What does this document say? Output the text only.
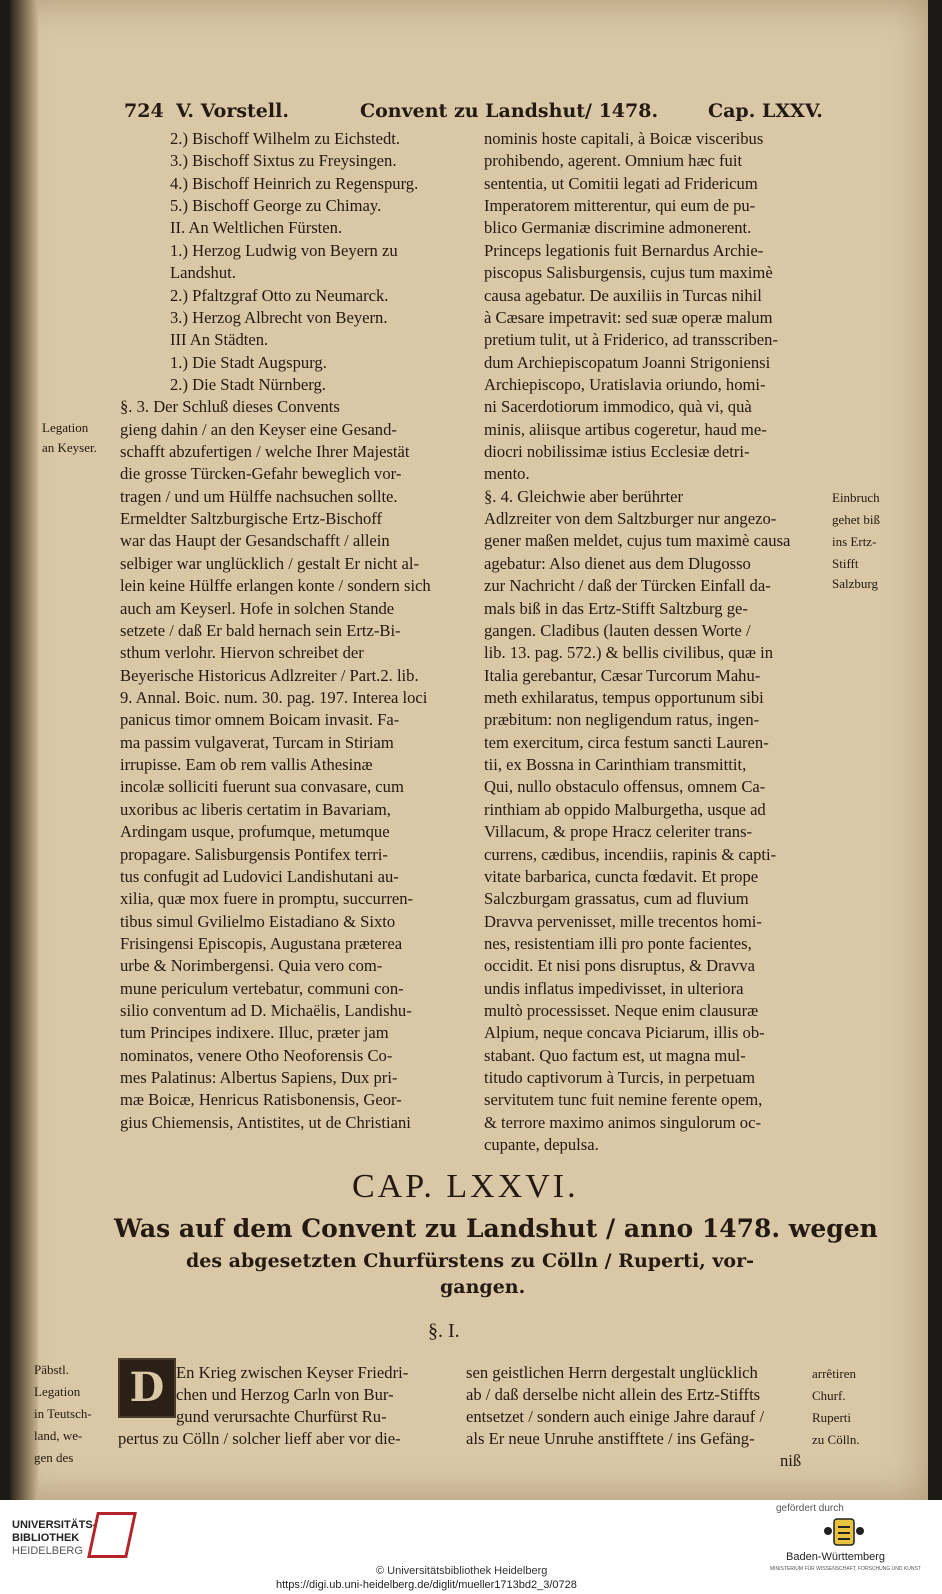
724 V. Vorstell.	Convent zu Landshut/ 1478.	Cap. LXXV.
2.) Bischoff Wilhelm zu Eichstedt.
3.) Bischoff Sixtus zu Freysingen.
4.) Bischoff Heinrich zu Regenspurg.
5.) Bischoff George zu Chimay.
II. An Weltlichen Fürsten.
1.) Herzog Ludwig von Beyern zu
Landshut.
2.) Pfaltzgraf Otto zu Neumarck.
3.) Herzog Albrecht von Beyern.
III An Städten.
1.) Die Stadt Augspurg.
2.) Die Stadt Nürnberg.
§. 3. Der Schluß dieses Convents
gieng dahin / an den Keyser eine Gesand-
schafft abzufertigen / welche Ihrer Majestät
die grosse Türcken-Gefahr beweglich vor-
tragen / und um Hülffe nachsuchen sollte.
Ermeldter Saltzburgische Ertz-Bischoff
war das Haupt der Gesandschafft / allein
selbiger war unglücklich / gestalt Er nicht al-
lein keine Hülffe erlangen konte / sondern sich
auch am Keyserl. Hofe in solchen Stande
setzete / daß Er bald hernach sein Ertz-Bi-
sthum verlohr. Hiervon schreibet der
Beyerische Historicus Adlzreiter / Part.2. lib.
9. Annal. Boic. num. 30. pag. 197. Interea loci
panicus timor omnem Boicam invasit. Fa-
ma passim vulgaverat, Turcam in Stiriam
irrupisse. Eam ob rem vallis Athesinæ
incolæ solliciti fuerunt sua convasare, cum
uxoribus ac liberis certatim in Bavariam,
Ardingam usque, profumque, metumque
propagare. Salisburgensis Pontifex terri-
tus confugit ad Ludovici Landishutani au-
xilia, quæ mox fuere in promptu, succurren-
tibus simul Gvilielmo Eistadiano & Sixto
Frisingensi Episcopis, Augustana præterea
urbe & Norimbergensi. Quia vero com-
mune periculum vertebatur, communi con-
silio conventum ad D. Michaëlis, Landishu-
tum Principes indixere. Illuc, præter jam
nominatos, venere Otho Neoforensis Co-
mes Palatinus: Albertus Sapiens, Dux pri-
mæ Boicæ, Henricus Ratisbonensis, Geor-
gius Chiemensis, Antistites, ut de Christiani
nominis hoste capitali, à Boicæ visceribus
prohibendo, agerent. Omnium hæc fuit
sententia, ut Comitii legati ad Fridericum
Imperatorem mitterentur, qui eum de pu-
blico Germaniæ discrimine admonerent.
Princeps legationis fuit Bernardus Archie-
piscopus Salisburgensis, cujus tum maximè
causa agebatur. De auxiliis in Turcas nihil
à Cæsare impetravit: sed suæ operæ malum
pretium tulit, ut à Friderico, ad transscriben-
dum Archiepiscopatum Joanni Strigoniensi
Archiepiscopo, Uratislavia oriundo, homi-
ni Sacerdotiorum immodico, quà vi, quà
minis, aliisque artibus cogeretur, haud me-
diocri nobilissimæ istius Ecclesiæ detri-
mento.
§. 4. Gleichwie aber berührter
Adlzreiter von dem Saltzburger nur angezo-
gener maßen meldet, cujus tum maximè causa
agebatur: Also dienet aus dem Dlugosso
zur Nachricht / daß der Türcken Einfall da-
mals biß in das Ertz-Stifft Saltzburg ge-
gangen. Cladibus (lauten dessen Worte /
lib. 13. pag. 572.) & bellis civilibus, quæ in
Italia gerebantur, Cæsar Turcorum Mahu-
meth exhilaratus, tempus opportunum sibi
præbitum: non negligendum ratus, ingen-
tem exercitum, circa festum sancti Lauren-
tii, ex Bossna in Carinthiam transmittit,
Qui, nullo obstaculo offensus, omnem Ca-
rinthiam ab oppido Malburgetha, usque ad
Villacum, & prope Hracz celeriter trans-
currens, cædibus, incendiis, rapinis & capti-
vitate barbarica, cuncta fœdavit. Et prope
Salczburgam grassatus, cum ad fluvium
Dravva pervenisset, mille trecentos homi-
nes, resistentiam illi pro ponte facientes,
occidit. Et nisi pons disruptus, & Dravva
undis inflatus impedivisset, in ulteriora
multò processisset. Neque enim clausuræ
Alpium, neque concava Piciarum, illis ob-
stabant. Quo factum est, ut magna mul-
titudo captivorum à Turcis, in perpetuam
servitutem tunc fuit nemine ferente opem,
& terrore maximo animos singulorum oc-
cupante, depulsa.
Legation
an Keyser.
Einbruch
gehet biß
ins Ertz-
Stifft
Salzburg
CAP. LXXVI.
Was auf dem Convent zu Landshut / anno 1478. wegen
des abgesetzten Churfürstens zu Cölln / Ruperti, vor-
gangen.
§. I.
D En Krieg zwischen Keyser Friedri-
chen und Herzog Carln von Bur-
gund verursachte Churfürst Ru-
pertus zu Cölln / solcher lieff aber vor die-
sen geistlichen Herrn dergestalt unglücklich
ab / daß derselbe nicht allein des Ertz-Stiffts
entsetzet / sondern auch einige Jahre darauf /
als Er neue Unruhe anstifftete / ins Gefäng-
niß
Päbstl.
Legation
in Teutsch-
land, we-
gen des
arrêtiren
Churf.
Ruperti
zu Cölln.
UNIVERSITÄTS-
BIBLIOTHEK
HEIDELBERG
© Universitätsbibliothek Heidelberg
https://digi.ub.uni-heidelberg.de/diglit/mueller1713bd2_3/0728
gefördert durch
Baden-Württemberg
MINISTERIUM FÜR WISSENSCHAFT, FORSCHUNG UND KUNST
